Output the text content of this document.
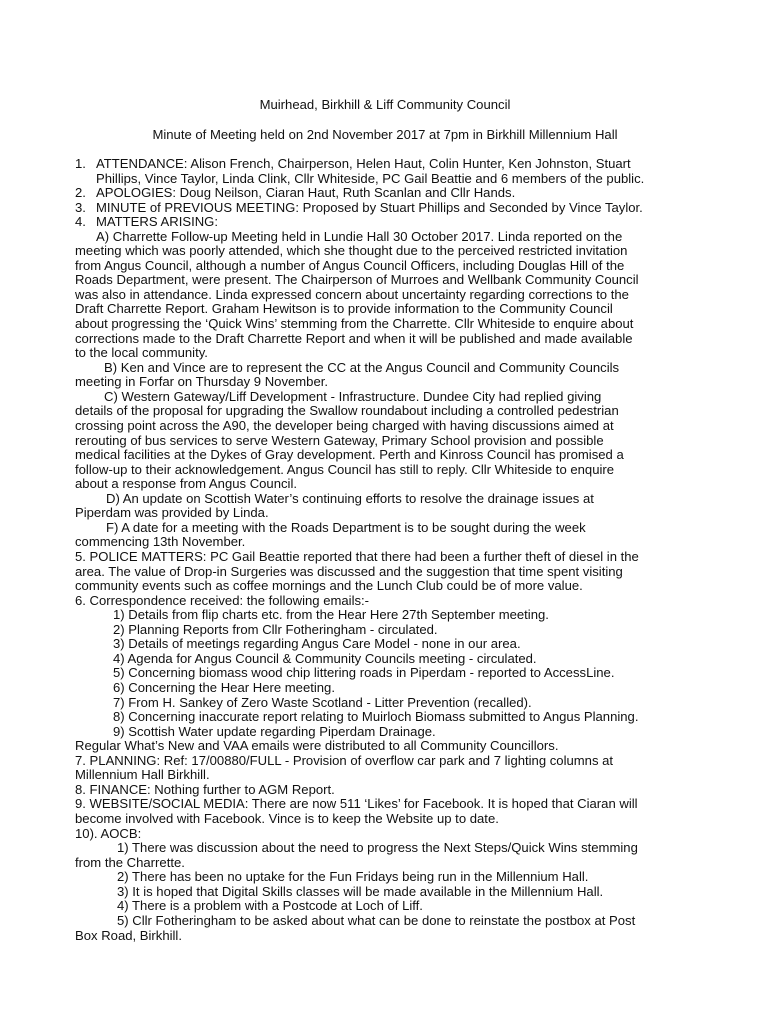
Muirhead, Birkhill & Liff Community Council
Minute of Meeting held on 2nd November 2017 at 7pm in Birkhill Millennium Hall
1. ATTENDANCE: Alison French, Chairperson, Helen Haut, Colin Hunter, Ken Johnston, Stuart
Phillips, Vince Taylor, Linda Clink, Cllr Whiteside, PC Gail Beattie and 6 members of the public.
2. APOLOGIES: Doug Neilson, Ciaran Haut, Ruth Scanlan and Cllr Hands.
3. MINUTE of PREVIOUS MEETING: Proposed by Stuart Phillips and Seconded by Vince Taylor.
4. MATTERS ARISING:
A) Charrette Follow-up Meeting held in Lundie Hall 30 October 2017. Linda reported on the
meeting which was poorly attended, which she thought due to the perceived restricted invitation
from Angus Council, although a number of Angus Council Officers, including Douglas Hill of the
Roads Department, were present. The Chairperson of Murroes and Wellbank Community Council
was also in attendance. Linda expressed concern about uncertainty regarding corrections to the
Draft Charrette Report. Graham Hewitson is to provide information to the Community Council
about progressing the ‘Quick Wins’ stemming from the Charrette. Cllr Whiteside to enquire about
corrections made to the Draft Charrette Report and when it will be published and made available
to the local community.
B) Ken and Vince are to represent the CC at the Angus Council and Community Councils
meeting in Forfar on Thursday 9 November.
C) Western Gateway/Liff Development - Infrastructure. Dundee City had replied giving
details of the proposal for upgrading the Swallow roundabout including a controlled pedestrian
crossing point across the A90, the developer being charged with having discussions aimed at
rerouting of bus services to serve Western Gateway, Primary School provision and possible
medical facilities at the Dykes of Gray development. Perth and Kinross Council has promised a
follow-up to their acknowledgement. Angus Council has still to reply. Cllr Whiteside to enquire
about a response from Angus Council.
D) An update on Scottish Water’s continuing efforts to resolve the drainage issues at
Piperdam was provided by Linda.
F) A date for a meeting with the Roads Department is to be sought during the week
commencing 13th November.
5. POLICE MATTERS: PC Gail Beattie reported that there had been a further theft of diesel in the
area. The value of Drop-in Surgeries was discussed and the suggestion that time spent visiting
community events such as coffee mornings and the Lunch Club could be of more value.
6. Correspondence received: the following emails:-
1) Details from flip charts etc. from the Hear Here 27th September meeting.
2) Planning Reports from Cllr Fotheringham - circulated.
3) Details of meetings regarding Angus Care Model - none in our area.
4) Agenda for Angus Council & Community Councils meeting - circulated.
5) Concerning biomass wood chip littering roads in Piperdam - reported to AccessLine.
6) Concerning the Hear Here meeting.
7) From H. Sankey of Zero Waste Scotland - Litter Prevention (recalled).
8) Concerning inaccurate report relating to Muirloch Biomass submitted to Angus Planning.
9) Scottish Water update regarding Piperdam Drainage.
Regular What’s New and VAA emails were distributed to all Community Councillors.
7. PLANNING: Ref: 17/00880/FULL - Provision of overflow car park and 7 lighting columns at
Millennium Hall Birkhill.
8. FINANCE: Nothing further to AGM Report.
9. WEBSITE/SOCIAL MEDIA: There are now 511 ‘Likes’ for Facebook. It is hoped that Ciaran will
become involved with Facebook. Vince is to keep the Website up to date.
10). AOCB:
1) There was discussion about the need to progress the Next Steps/Quick Wins stemming
from the Charrette.
2) There has been no uptake for the Fun Fridays being run in the Millennium Hall.
3) It is hoped that Digital Skills classes will be made available in the Millennium Hall.
4) There is a problem with a Postcode at Loch of Liff.
5) Cllr Fotheringham to be asked about what can be done to reinstate the postbox at Post
Box Road, Birkhill.
